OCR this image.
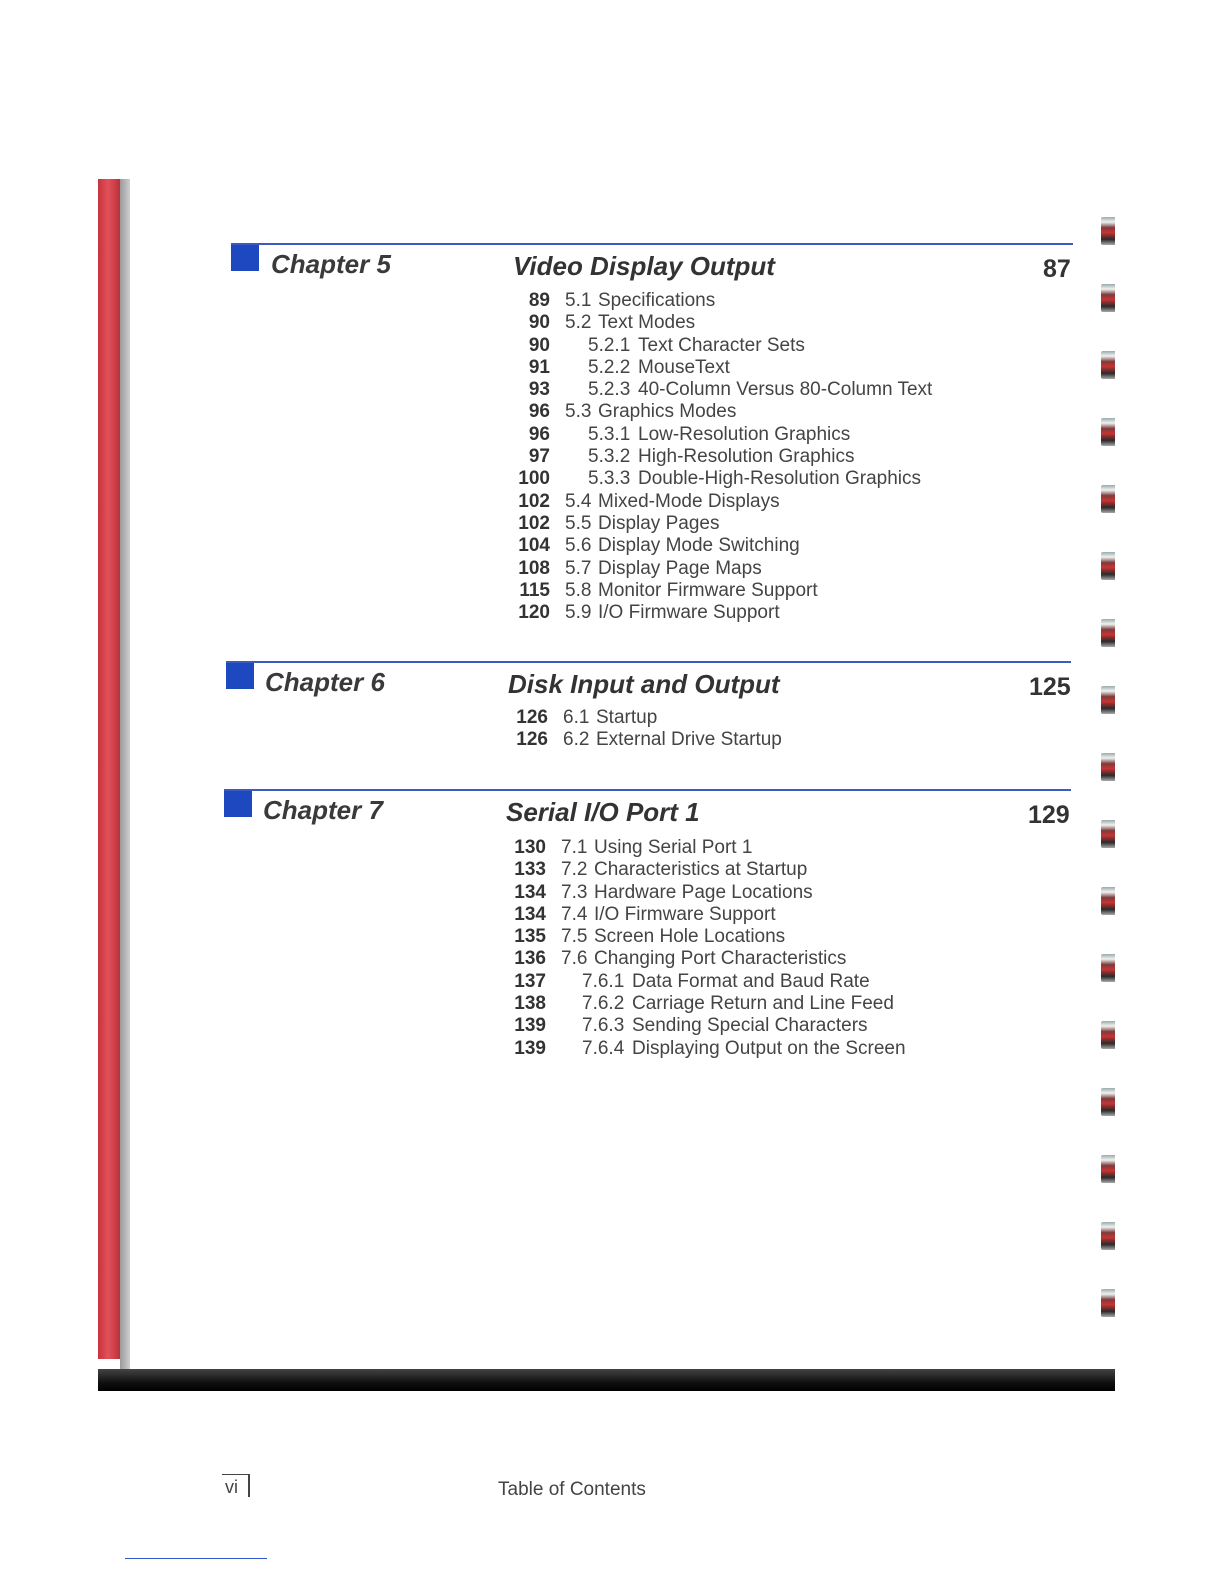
Chapter 5	Video Display Output	87
89 5.1 Specifications
90 5.2 Text Modes
90 5.2.1 Text Character Sets
91 5.2.2 MouseText
93 5.2.3 40-Column Versus 80-Column Text
96 5.3 Graphics Modes
96 5.3.1 Low-Resolution Graphics
97 5.3.2 High-Resolution Graphics
100 5.3.3 Double-High-Resolution Graphics
102 5.4 Mixed-Mode Displays
102 5.5 Display Pages
104 5.6 Display Mode Switching
108 5.7 Display Page Maps
115 5.8 Monitor Firmware Support
120 5.9 I/O Firmware Support
Chapter 6	Disk Input and Output	125
126 6.1 Startup
126 6.2 External Drive Startup
Chapter 7	Serial I/O Port 1	129
130 7.1 Using Serial Port 1
133 7.2 Characteristics at Startup
134 7.3 Hardware Page Locations
134 7.4 I/O Firmware Support
135 7.5 Screen Hole Locations
136 7.6 Changing Port Characteristics
137 7.6.1 Data Format and Baud Rate
138 7.6.2 Carriage Return and Line Feed
139 7.6.3 Sending Special Characters
139 7.6.4 Displaying Output on the Screen
vi	Table of Contents
